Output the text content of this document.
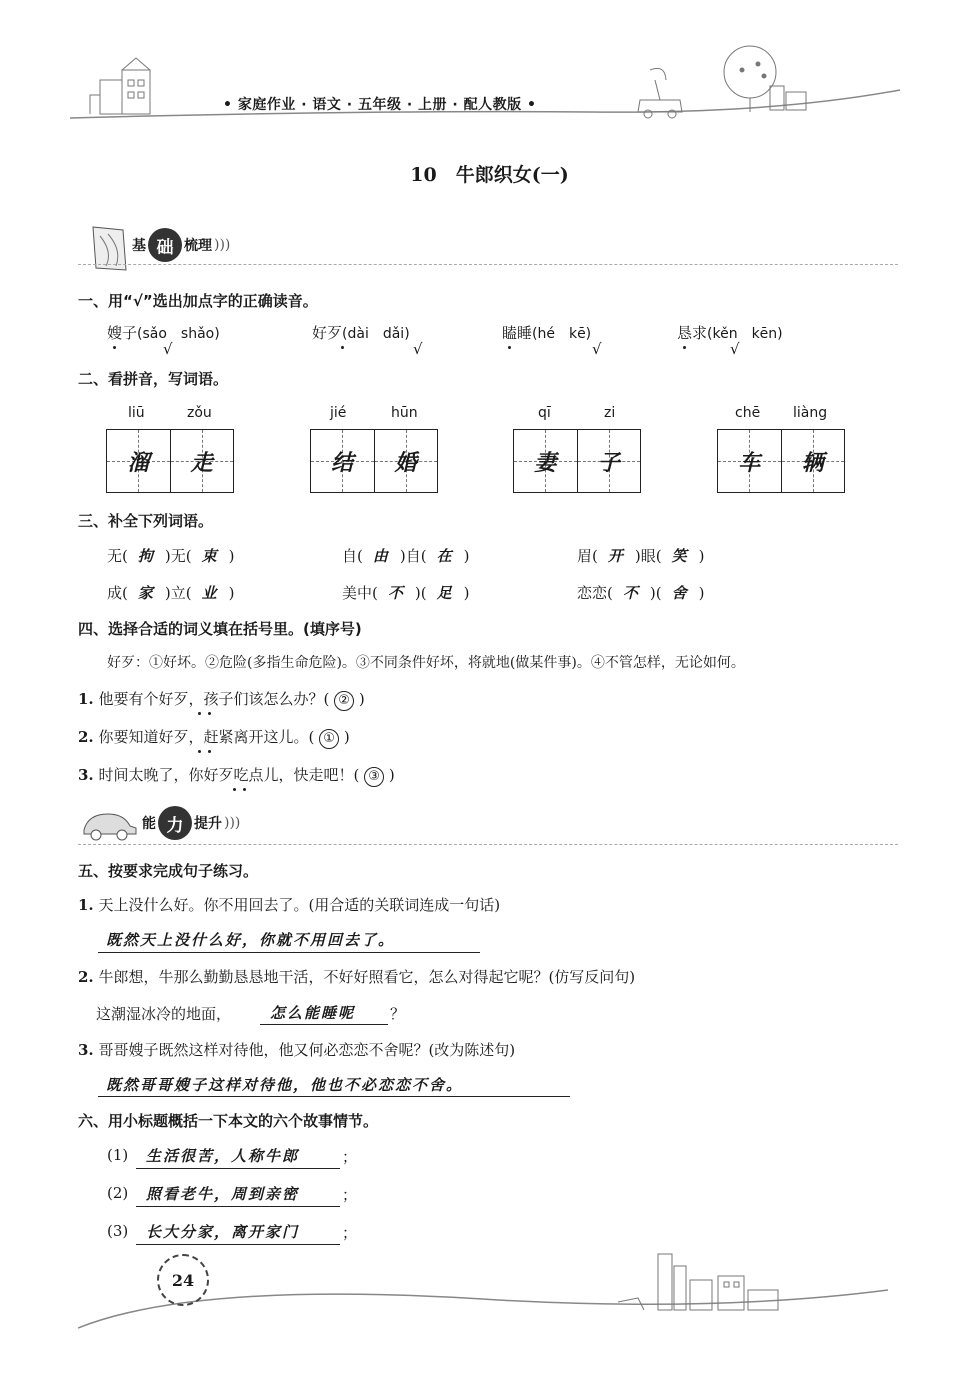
• 家庭作业 · 语文 · 五年级 · 上册 · 配人教版 •
10　牛郎织女(一)
基 础 梳理 )))
一、用“√”选出加点字的正确读音。
嫂子(sǎo　shǎo)	好歹(dài　dǎi)	瞌睡(hé　kē)	恳求(kěn　kēn)
√	√	√	√
二、看拼音，写词语。
liū	zǒu
溜 走
jié	hūn
结 婚
qī	zi
妻 子
chē liàng
车 辆
三、补全下列词语。
无( 拘 )无( 束 )	自( 由 )自( 在 )	眉( 开 )眼( 笑 )
成( 家 )立( 业 )	美中( 不 )( 足 )	恋恋( 不 )( 舍 )
四、选择合适的词义填在括号里。(填序号)
好歹：①好坏。②危险(多指生命危险)。③不同条件好坏，将就地(做某件事)。④不管怎样，无论如何。
1. 他要有个好歹，孩子们该怎么办？( ② )
2. 你要知道好歹，赶紧离开这儿。( ① )
3. 时间太晚了，你好歹吃点儿，快走吧！( ③ )
能 力 提升 )))
五、按要求完成句子练习。
1. 天上没什么好。你不用回去了。(用合适的关联词连成一句话)
既然天上没什么好，你就不用回去了。
2. 牛郎想，牛那么勤勤恳恳地干活，不好好照看它，怎么对得起它呢？(仿写反问句)
这潮湿冰冷的地面，	怎么能睡呢 ？
3. 哥哥嫂子既然这样对待他，他又何必恋恋不舍呢？(改为陈述句)
既然哥哥嫂子这样对待他，他也不必恋恋不舍。
六、用小标题概括一下本文的六个故事情节。
(1) 生活很苦，人称牛郎	；
(2) 照看老牛，周到亲密	；
(3) 长大分家，离开家门	；
24
